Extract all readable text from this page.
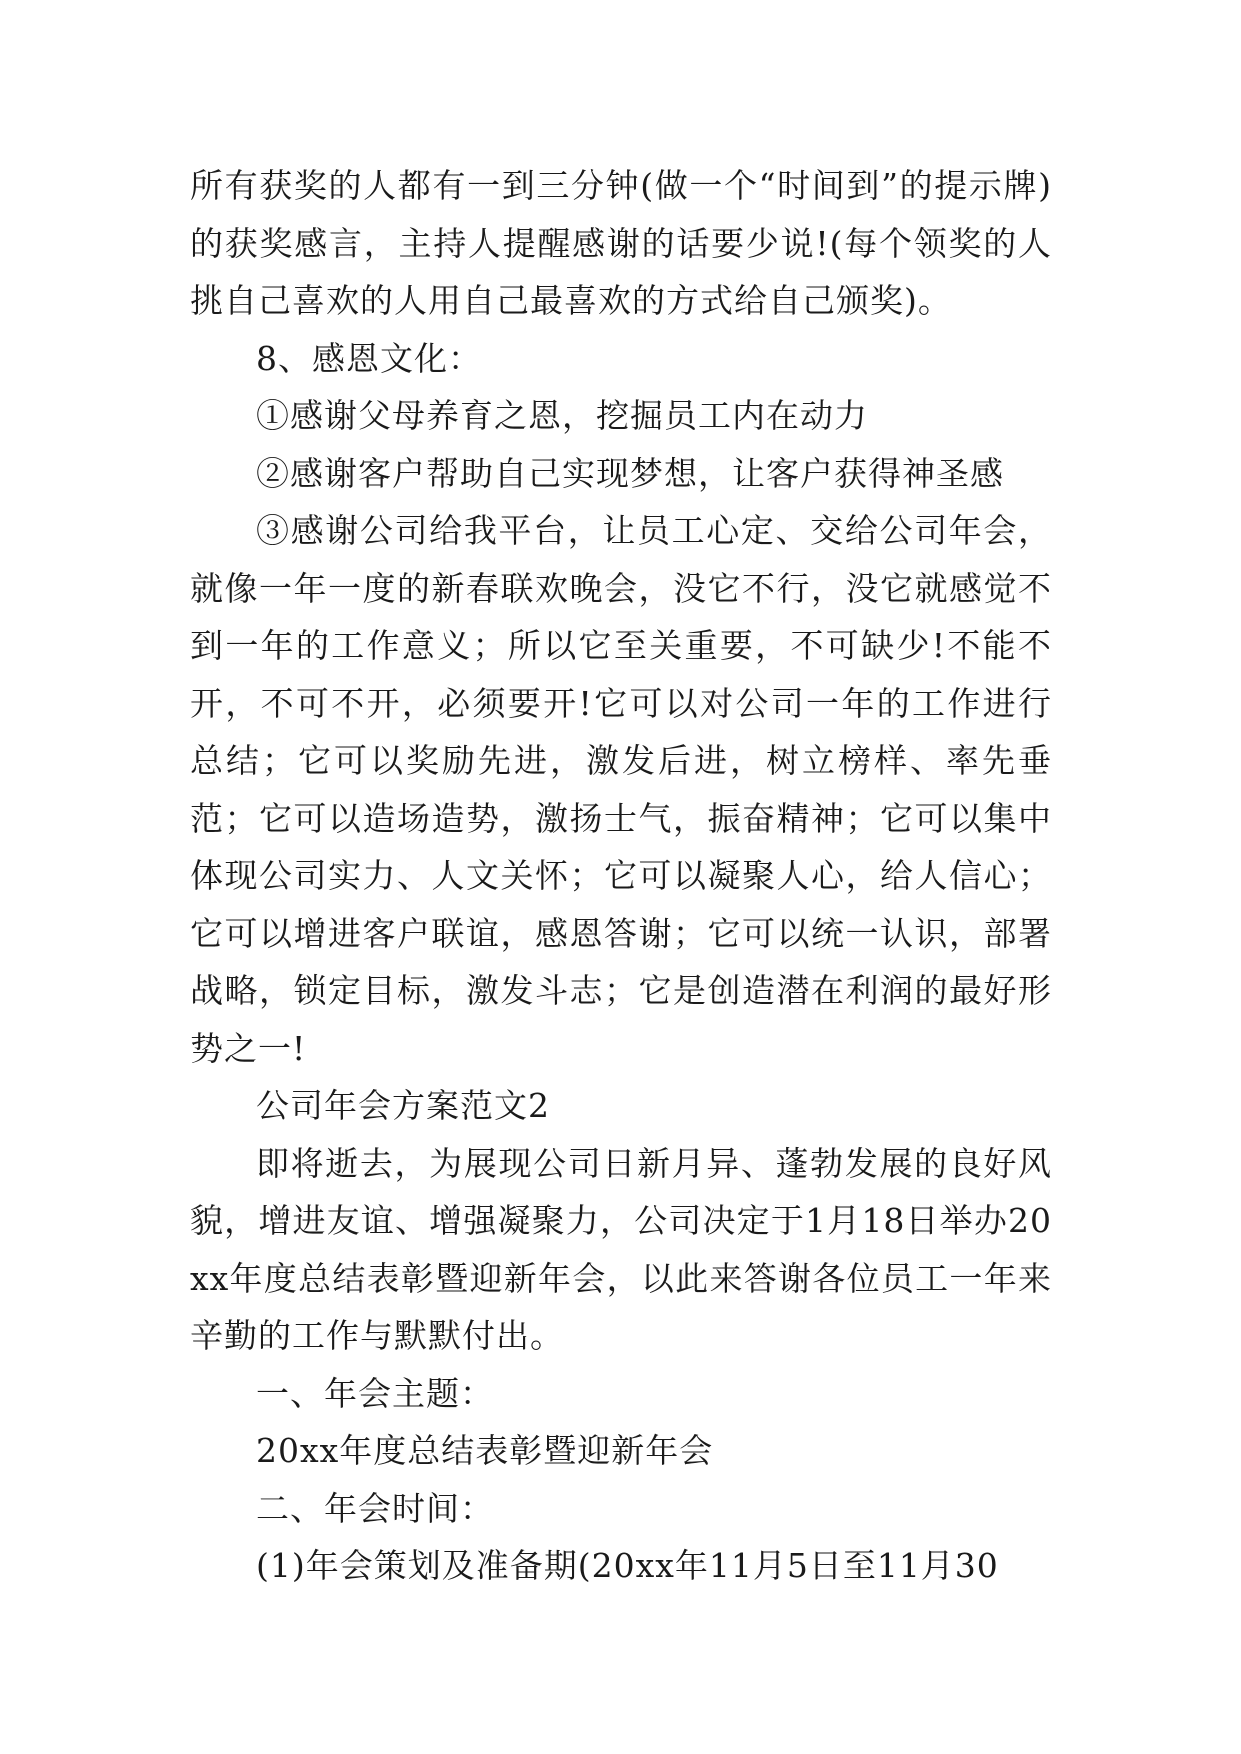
所有获奖的人都有一到三分钟(做一个“时间到”的提示牌)的获奖感言，主持人提醒感谢的话要少说!(每个领奖的人挑自己喜欢的人用自己最喜欢的方式给自己颁奖)。

8、感恩文化：

①感谢父母养育之恩，挖掘员工内在动力

②感谢客户帮助自己实现梦想，让客户获得神圣感

③感谢公司给我平台，让员工心定、交给公司年会，就像一年一度的新春联欢晚会，没它不行，没它就感觉不到一年的工作意义；所以它至关重要，不可缺少!不能不开，不可不开，必须要开!它可以对公司一年的工作进行总结；它可以奖励先进，激发后进，树立榜样、率先垂范；它可以造场造势，激扬士气，振奋精神；它可以集中体现公司实力、人文关怀；它可以凝聚人心，给人信心；它可以增进客户联谊，感恩答谢；它可以统一认识，部署战略，锁定目标，激发斗志；它是创造潜在利润的最好形势之一!

公司年会方案范文2

即将逝去，为展现公司日新月异、蓬勃发展的良好风貌，增进友谊、增强凝聚力，公司决定于1月18日举办20xx年度总结表彰暨迎新年会，以此来答谢各位员工一年来辛勤的工作与默默付出。

一、年会主题：

20xx年度总结表彰暨迎新年会

二、年会时间：

(1)年会策划及准备期(20xx年11月5日至11月30
